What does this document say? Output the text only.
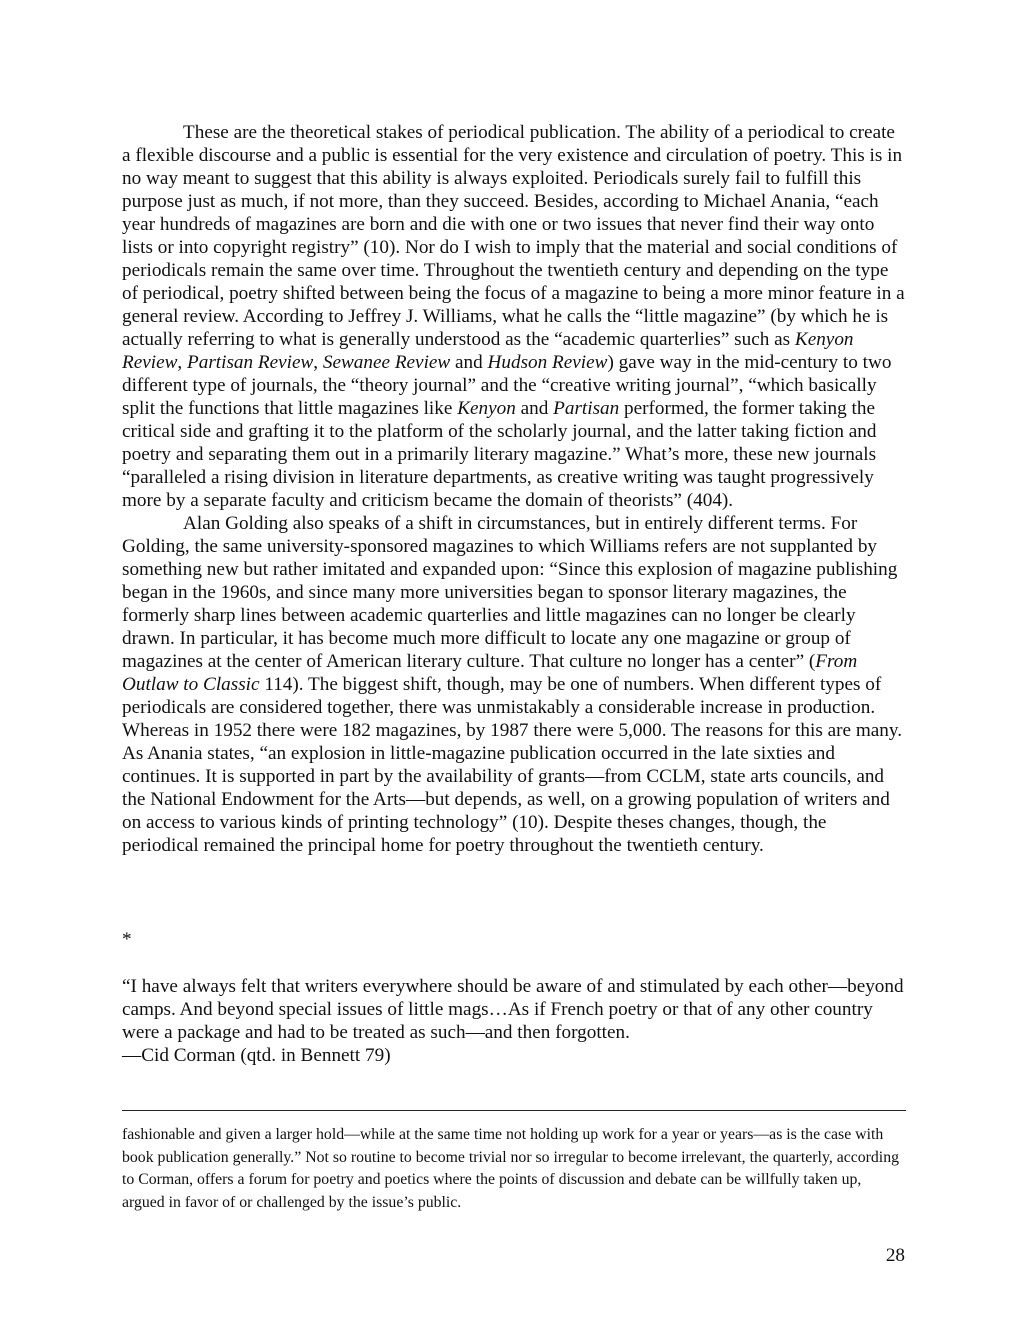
These are the theoretical stakes of periodical publication. The ability of a periodical to create a flexible discourse and a public is essential for the very existence and circulation of poetry. This is in no way meant to suggest that this ability is always exploited. Periodicals surely fail to fulfill this purpose just as much, if not more, than they succeed. Besides, according to Michael Anania, “each year hundreds of magazines are born and die with one or two issues that never find their way onto lists or into copyright registry” (10). Nor do I wish to imply that the material and social conditions of periodicals remain the same over time. Throughout the twentieth century and depending on the type of periodical, poetry shifted between being the focus of a magazine to being a more minor feature in a general review. According to Jeffrey J. Williams, what he calls the “little magazine” (by which he is actually referring to what is generally understood as the “academic quarterlies” such as Kenyon Review, Partisan Review, Sewanee Review and Hudson Review) gave way in the mid-century to two different type of journals, the “theory journal” and the “creative writing journal”, “which basically split the functions that little magazines like Kenyon and Partisan performed, the former taking the critical side and grafting it to the platform of the scholarly journal, and the latter taking fiction and poetry and separating them out in a primarily literary magazine.” What’s more, these new journals “paralleled a rising division in literature departments, as creative writing was taught progressively more by a separate faculty and criticism became the domain of theorists” (404).

Alan Golding also speaks of a shift in circumstances, but in entirely different terms. For Golding, the same university-sponsored magazines to which Williams refers are not supplanted by something new but rather imitated and expanded upon: “Since this explosion of magazine publishing began in the 1960s, and since many more universities began to sponsor literary magazines, the formerly sharp lines between academic quarterlies and little magazines can no longer be clearly drawn. In particular, it has become much more difficult to locate any one magazine or group of magazines at the center of American literary culture. That culture no longer has a center” (From Outlaw to Classic 114). The biggest shift, though, may be one of numbers. When different types of periodicals are considered together, there was unmistakably a considerable increase in production. Whereas in 1952 there were 182 magazines, by 1987 there were 5,000. The reasons for this are many. As Anania states, “an explosion in little-magazine publication occurred in the late sixties and continues. It is supported in part by the availability of grants—from CCLM, state arts councils, and the National Endowment for the Arts—but depends, as well, on a growing population of writers and on access to various kinds of printing technology” (10). Despite theses changes, though, the periodical remained the principal home for poetry throughout the twentieth century.

*

“I have always felt that writers everywhere should be aware of and stimulated by each other—beyond camps. And beyond special issues of little mags…As if French poetry or that of any other country were a package and had to be treated as such—and then forgotten.

—Cid Corman (qtd. in Bennett 79)

fashionable and given a larger hold—while at the same time not holding up work for a year or years—as is the case with book publication generally.” Not so routine to become trivial nor so irregular to become irrelevant, the quarterly, according to Corman, offers a forum for poetry and poetics where the points of discussion and debate can be willfully taken up, argued in favor of or challenged by the issue’s public.

28
